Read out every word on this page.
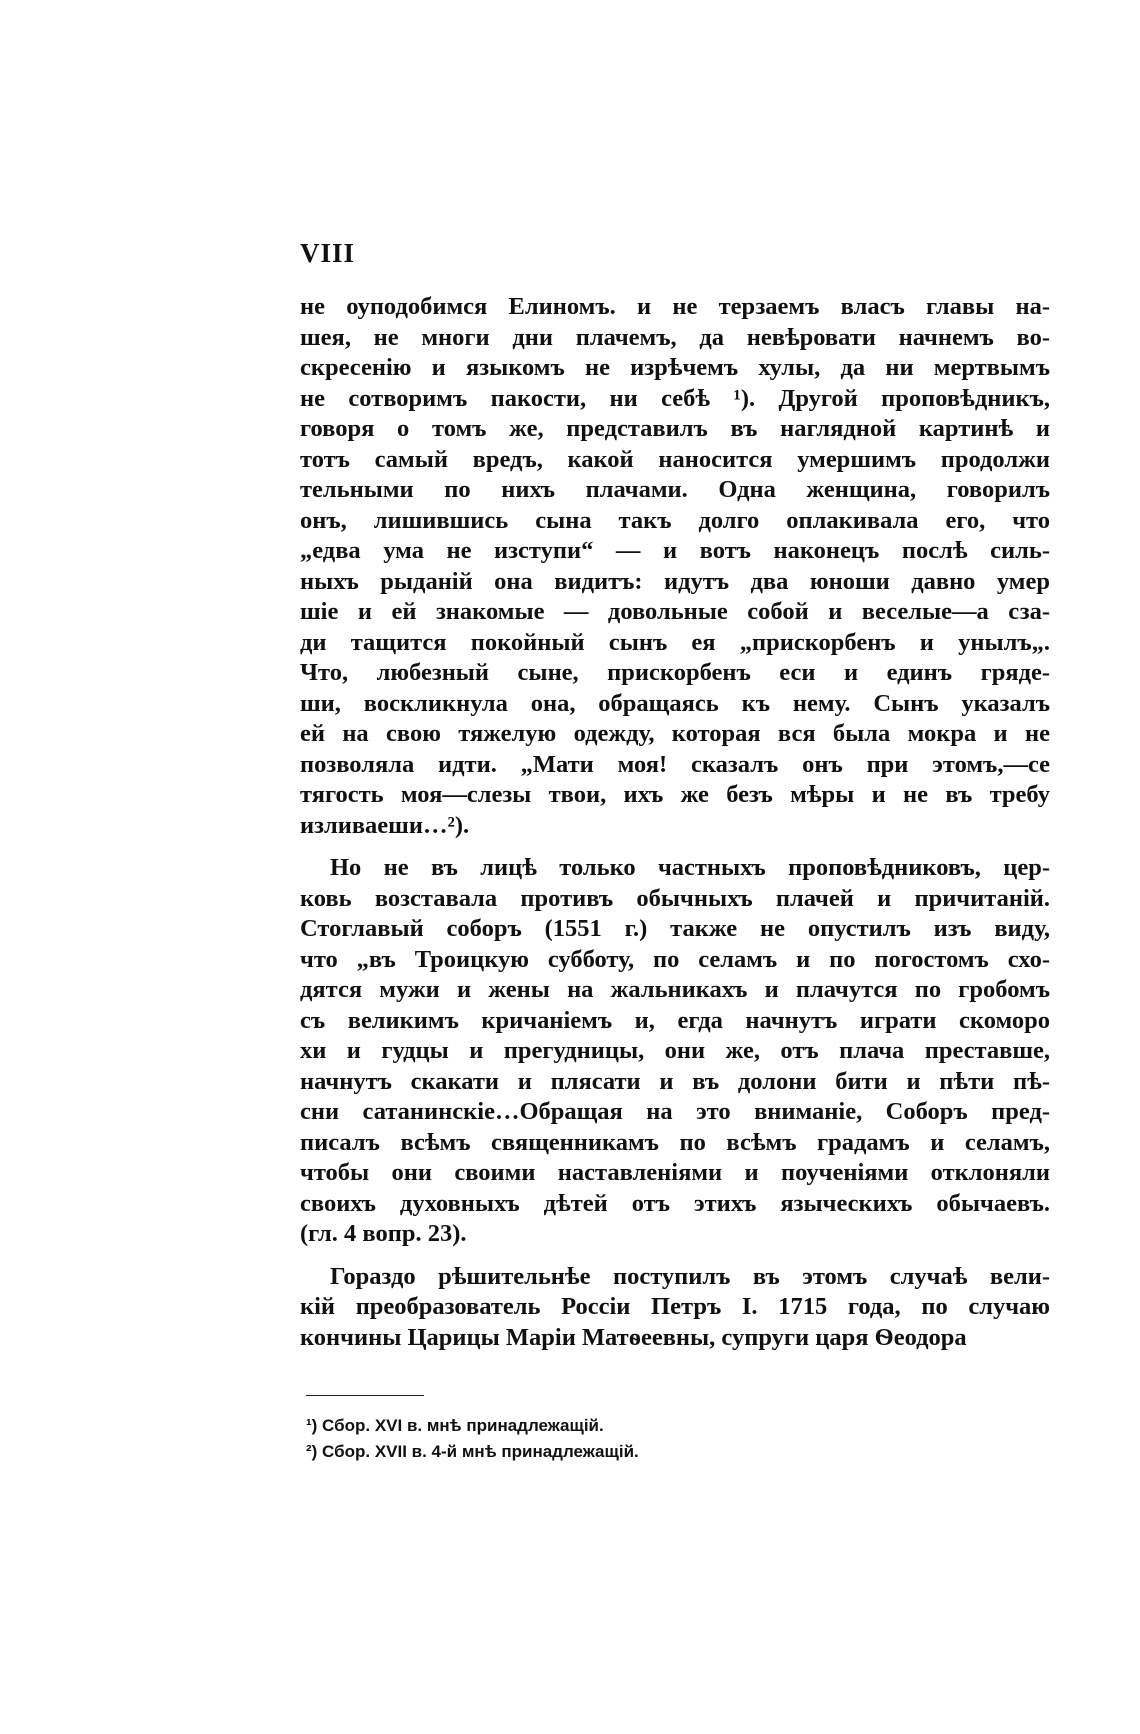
VIII
не оуподобимся Елиномъ. и не терзаемъ власъ главы на-
шея, не многи дни плачемъ, да невѣровати начнемъ во-
скресенію и языкомъ не изрѣчемъ хулы, да ни мертвымъ
не сотворимъ пакости, ни себѣ ¹). Другой проповѣдникъ,
говоря о томъ же, представилъ въ наглядной картинѣ и
тотъ самый вредъ, какой наносится умершимъ продолжи
тельными по нихъ плачами. Одна женщина, говорилъ
онъ, лишившись сына такъ долго оплакивала его, что
„едва ума не изступи“ — и вотъ наконецъ послѣ силь-
ныхъ рыданій она видитъ: идутъ два юноши давно умер
шіе и ей знакомые — довольные собой и веселые—а сза-
ди тащится покойный сынъ ея „прискорбенъ и унылъ„.
Что, любезный сыне, прискорбенъ еси и единъ гряде-
ши, воскликнула она, обращаясь къ нему. Сынъ указалъ
ей на свою тяжелую одежду, которая вся была мокра и не
позволяла идти. „Мати моя! сказалъ онъ при этомъ,—се
тягость моя—слезы твои, ихъ же безъ мѣры и не въ требу
изливаеши…²).
Но не въ лицѣ только частныхъ проповѣдниковъ, цер-
ковь возставала противъ обычныхъ плачей и причитаній.
Стоглавый соборъ (1551 г.) также не опустилъ изъ виду,
что „въ Троицкую субботу, по селамъ и по погостомъ схо-
дятся мужи и жены на жальникахъ и плачутся по гробомъ
съ великимъ кричаніемъ и, егда начнутъ играти скоморо
хи и гудцы и прегудницы, они же, отъ плача преставше,
начнутъ скакати и плясати и въ долони бити и пѣти пѣ-
сни сатанинскіе…Обращая на это вниманіе, Соборъ пред-
писалъ всѣмъ священникамъ по всѣмъ градамъ и селамъ,
чтобы они своими наставленіями и поученіями отклоняли
своихъ духовныхъ дѣтей отъ этихъ языческихъ обычаевъ.
(гл. 4 вопр. 23).
Гораздо рѣшительнѣе поступилъ въ этомъ случаѣ вели-
кій преобразователь Россіи Петръ I. 1715 года, по случаю
кончины Царицы Маріи Матѳеевны, супруги царя Ѳеодора
¹) Сбор. XVI в. мнѣ принадлежащій.
²) Сбор. XVII в. 4-й мнѣ принадлежащій.
